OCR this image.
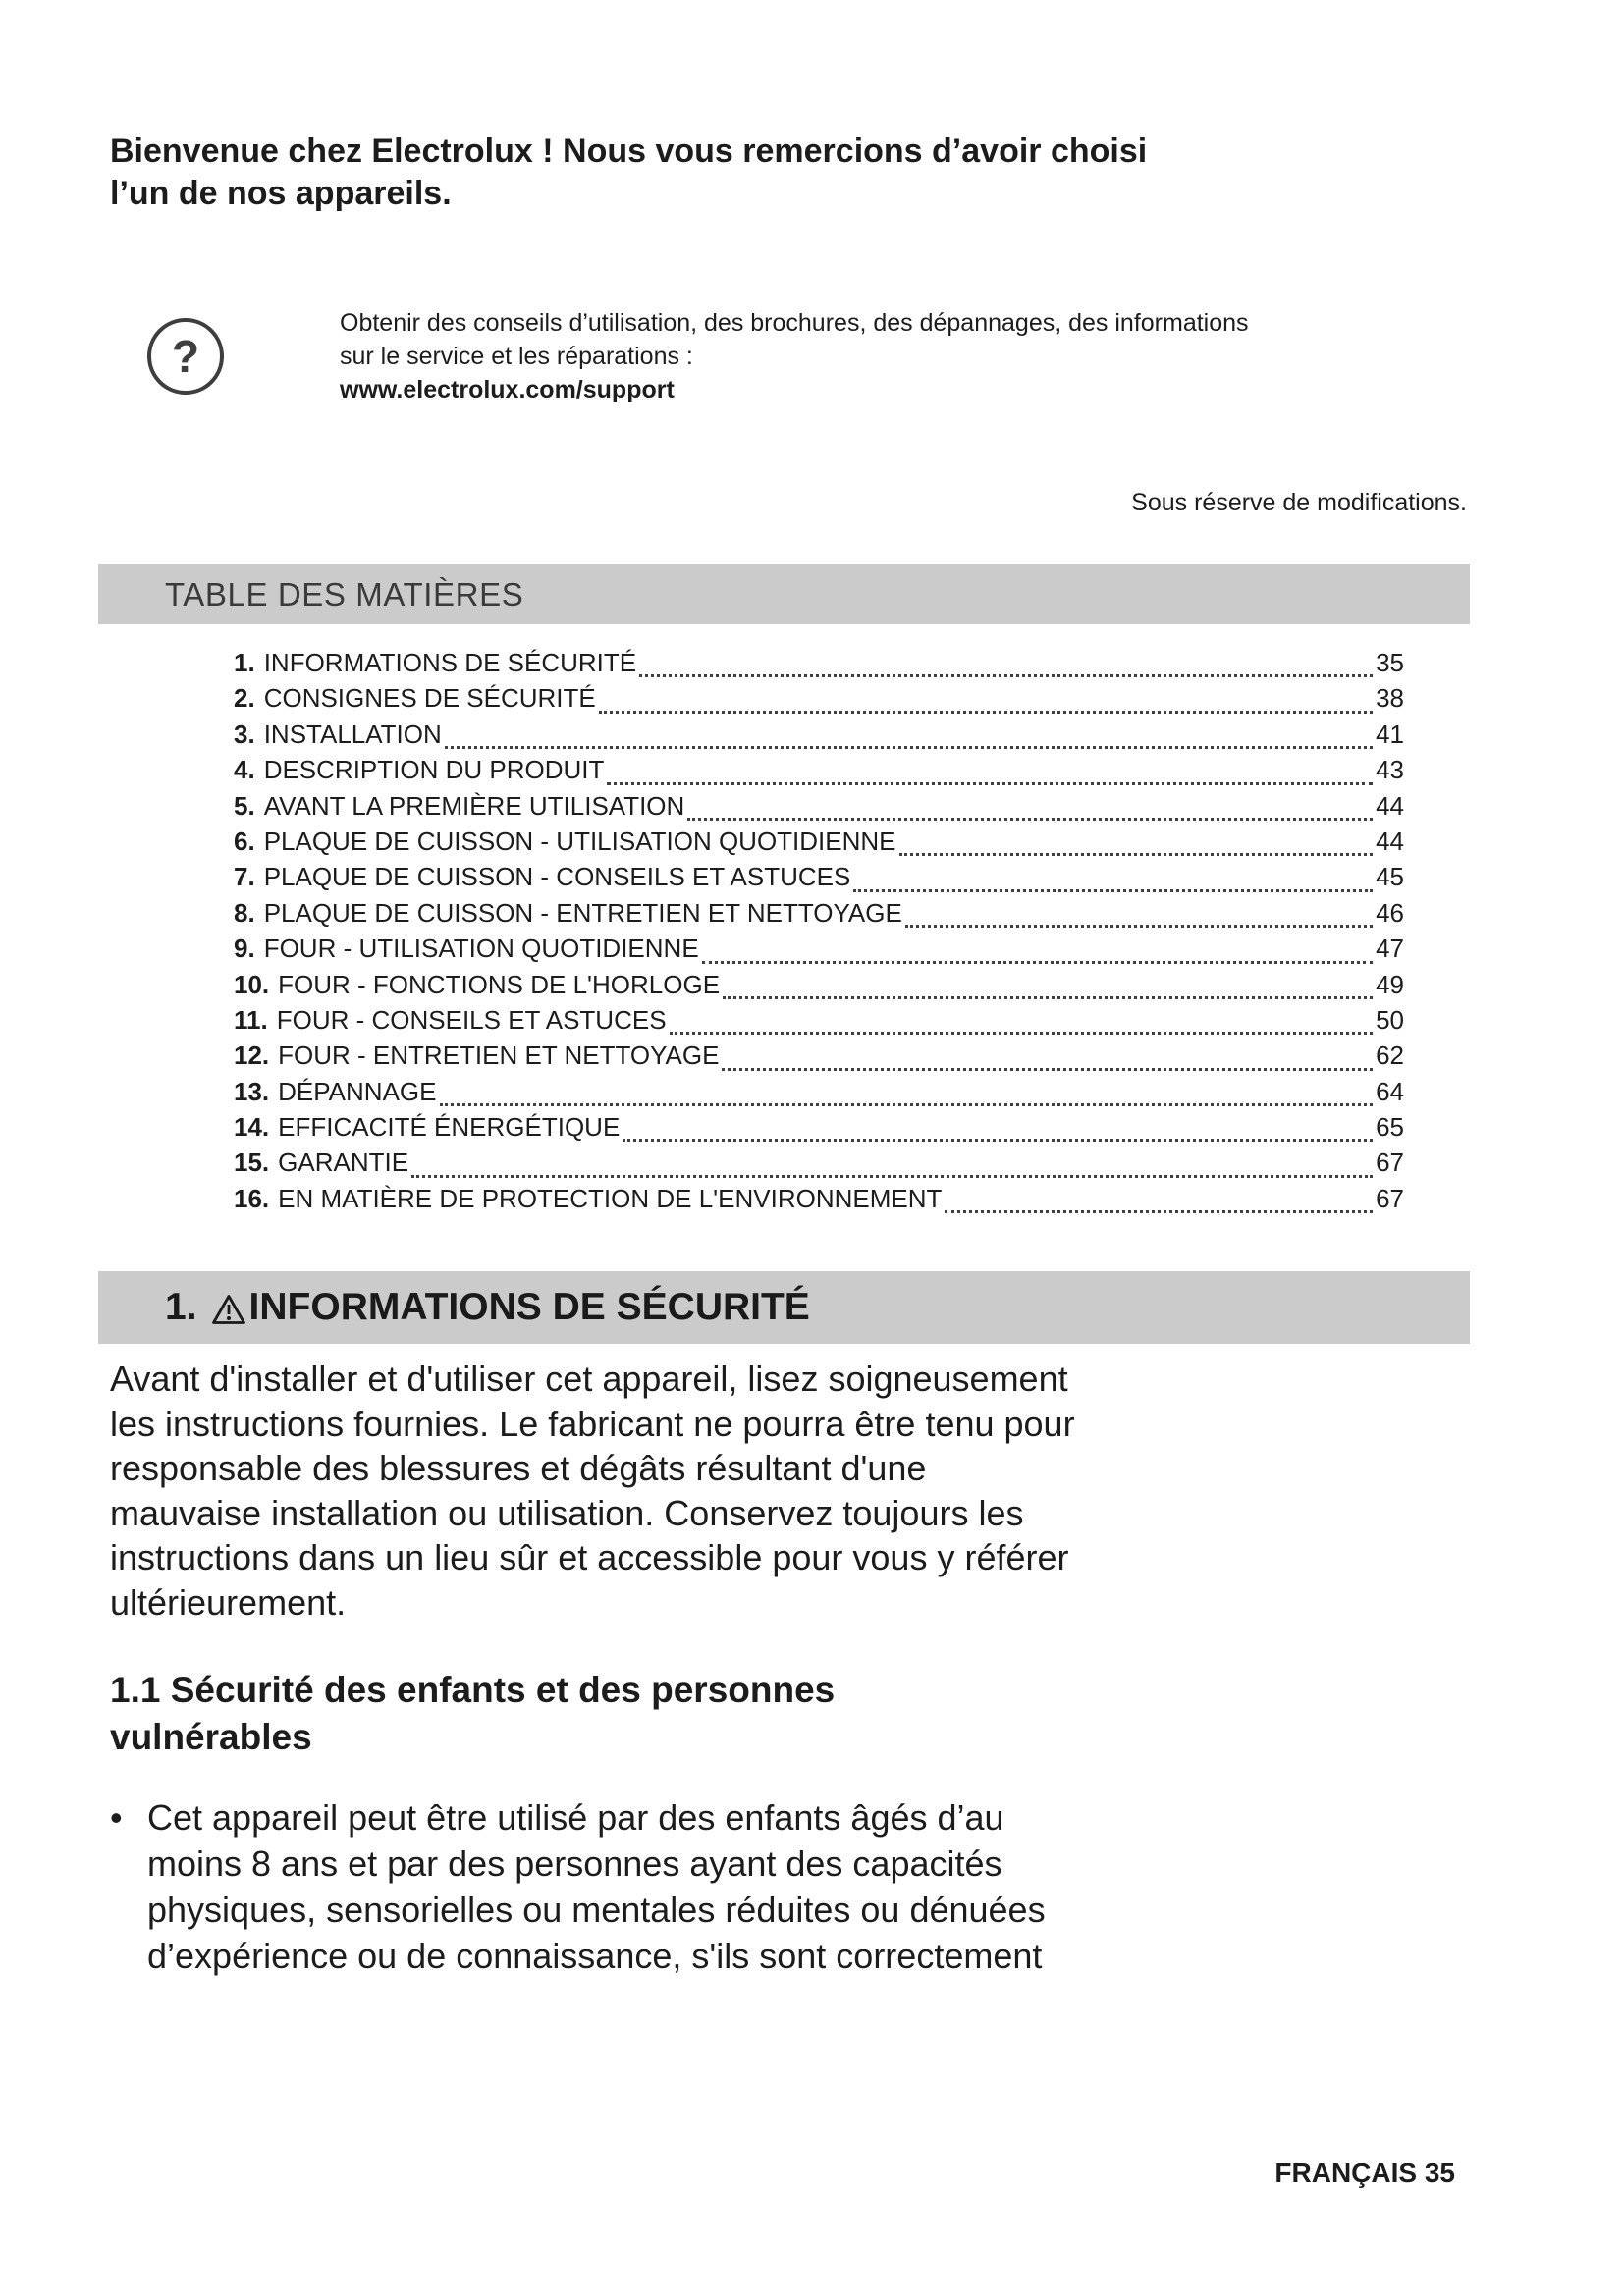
Bienvenue chez Electrolux ! Nous vous remercions d’avoir choisi
l’un de nos appareils.
?
Obtenir des conseils d’utilisation, des brochures, des dépannages, des informations
sur le service et les réparations :
www.electrolux.com/support
Sous réserve de modifications.
TABLE DES MATIÈRES
1. INFORMATIONS DE SÉCURITÉ	35
2. CONSIGNES DE SÉCURITÉ	38
3. INSTALLATION	41
4. DESCRIPTION DU PRODUIT	43
5. AVANT LA PREMIÈRE UTILISATION	44
6. PLAQUE DE CUISSON - UTILISATION QUOTIDIENNE	44
7. PLAQUE DE CUISSON - CONSEILS ET ASTUCES	45
8. PLAQUE DE CUISSON - ENTRETIEN ET NETTOYAGE	46
9. FOUR - UTILISATION QUOTIDIENNE	47
10. FOUR - FONCTIONS DE L'HORLOGE	49
11. FOUR - CONSEILS ET ASTUCES	50
12. FOUR - ENTRETIEN ET NETTOYAGE	62
13. DÉPANNAGE	64
14. EFFICACITÉ ÉNERGÉTIQUE	65
15. GARANTIE	67
16. EN MATIÈRE DE PROTECTION DE L'ENVIRONNEMENT	67
1. INFORMATIONS DE SÉCURITÉ
Avant d'installer et d'utiliser cet appareil, lisez soigneusement
les instructions fournies. Le fabricant ne pourra être tenu pour
responsable des blessures et dégâts résultant d'une
mauvaise installation ou utilisation. Conservez toujours les
instructions dans un lieu sûr et accessible pour vous y référer
ultérieurement.
1.1 Sécurité des enfants et des personnes
vulnérables
• Cet appareil peut être utilisé par des enfants âgés d’au
moins 8 ans et par des personnes ayant des capacités
physiques, sensorielles ou mentales réduites ou dénuées
d’expérience ou de connaissance, s'ils sont correctement
FRANÇAIS 35
